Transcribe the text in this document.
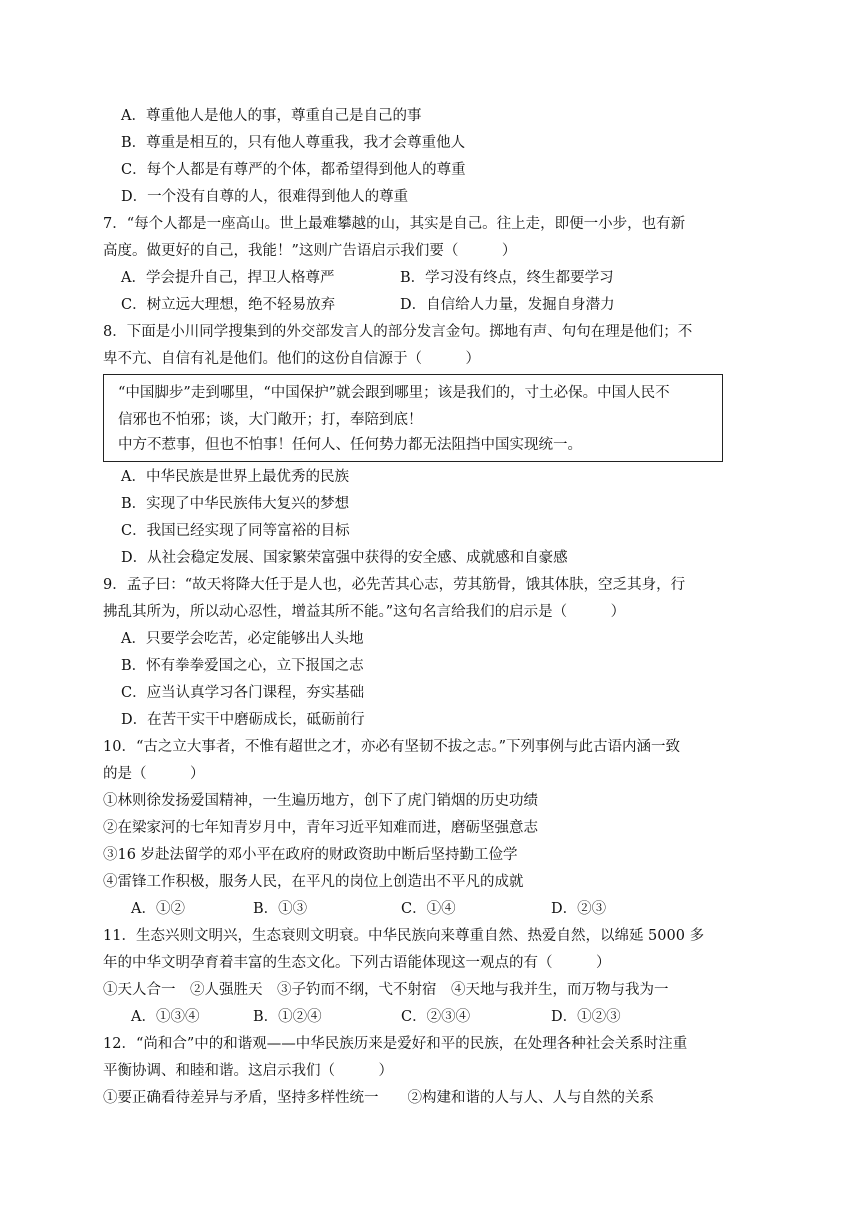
A．尊重他人是他人的事，尊重自己是自己的事
B．尊重是相互的，只有他人尊重我，我才会尊重他人
C．每个人都是有尊严的个体，都希望得到他人的尊重
D．一个没有自尊的人，很难得到他人的尊重
7．“每个人都是一座高山。世上最难攀越的山，其实是自己。往上走，即便一小步，也有新
高度。做更好的自己，我能！”这则广告语启示我们要（　　　）
A．学会提升自己，捍卫人格尊严	B．学习没有终点，终生都要学习
C．树立远大理想，绝不轻易放弃	D．自信给人力量，发掘自身潜力
8．下面是小川同学搜集到的外交部发言人的部分发言金句。掷地有声、句句在理是他们；不
卑不亢、自信有礼是他们。他们的这份自信源于（　　　）
“中国脚步”走到哪里，“中国保护”就会跟到哪里；该是我们的，寸土必保。中国人民不
信邪也不怕邪；谈，大门敞开；打，奉陪到底！
中方不惹事，但也不怕事！任何人、任何势力都无法阻挡中国实现统一。
A．中华民族是世界上最优秀的民族
B．实现了中华民族伟大复兴的梦想
C．我国已经实现了同等富裕的目标
D．从社会稳定发展、国家繁荣富强中获得的安全感、成就感和自豪感
9．孟子曰：“故天将降大任于是人也，必先苦其心志，劳其筋骨，饿其体肤，空乏其身，行
拂乱其所为，所以动心忍性，增益其所不能。”这句名言给我们的启示是（　　　）
A．只要学会吃苦，必定能够出人头地
B．怀有拳拳爱国之心，立下报国之志
C．应当认真学习各门课程，夯实基础
D．在苦干实干中磨砺成长，砥砺前行
10．“古之立大事者，不惟有超世之才，亦必有坚韧不拔之志。”下列事例与此古语内涵一致
的是（　　　）
①林则徐发扬爱国精神，一生遍历地方，创下了虎门销烟的历史功绩
②在梁家河的七年知青岁月中，青年习近平知难而进，磨砺坚强意志
③16 岁赴法留学的邓小平在政府的财政资助中断后坚持勤工俭学
④雷锋工作积极，服务人民，在平凡的岗位上创造出不平凡的成就
A．①②	B．①③	C．①④	D．②③
11．生态兴则文明兴，生态衰则文明衰。中华民族向来尊重自然、热爱自然，以绵延 5000 多
年的中华文明孕育着丰富的生态文化。下列古语能体现这一观点的有（　　　）
①天人合一　②人强胜天　③子钓而不纲，弋不射宿　④天地与我并生，而万物与我为一
A．①③④	B．①②④	C．②③④	D．①②③
12．“尚和合”中的和谐观——中华民族历来是爱好和平的民族，在处理各种社会关系时注重
平衡协调、和睦和谐。这启示我们（　　　）
①要正确看待差异与矛盾，坚持多样性统一　　②构建和谐的人与人、人与自然的关系
